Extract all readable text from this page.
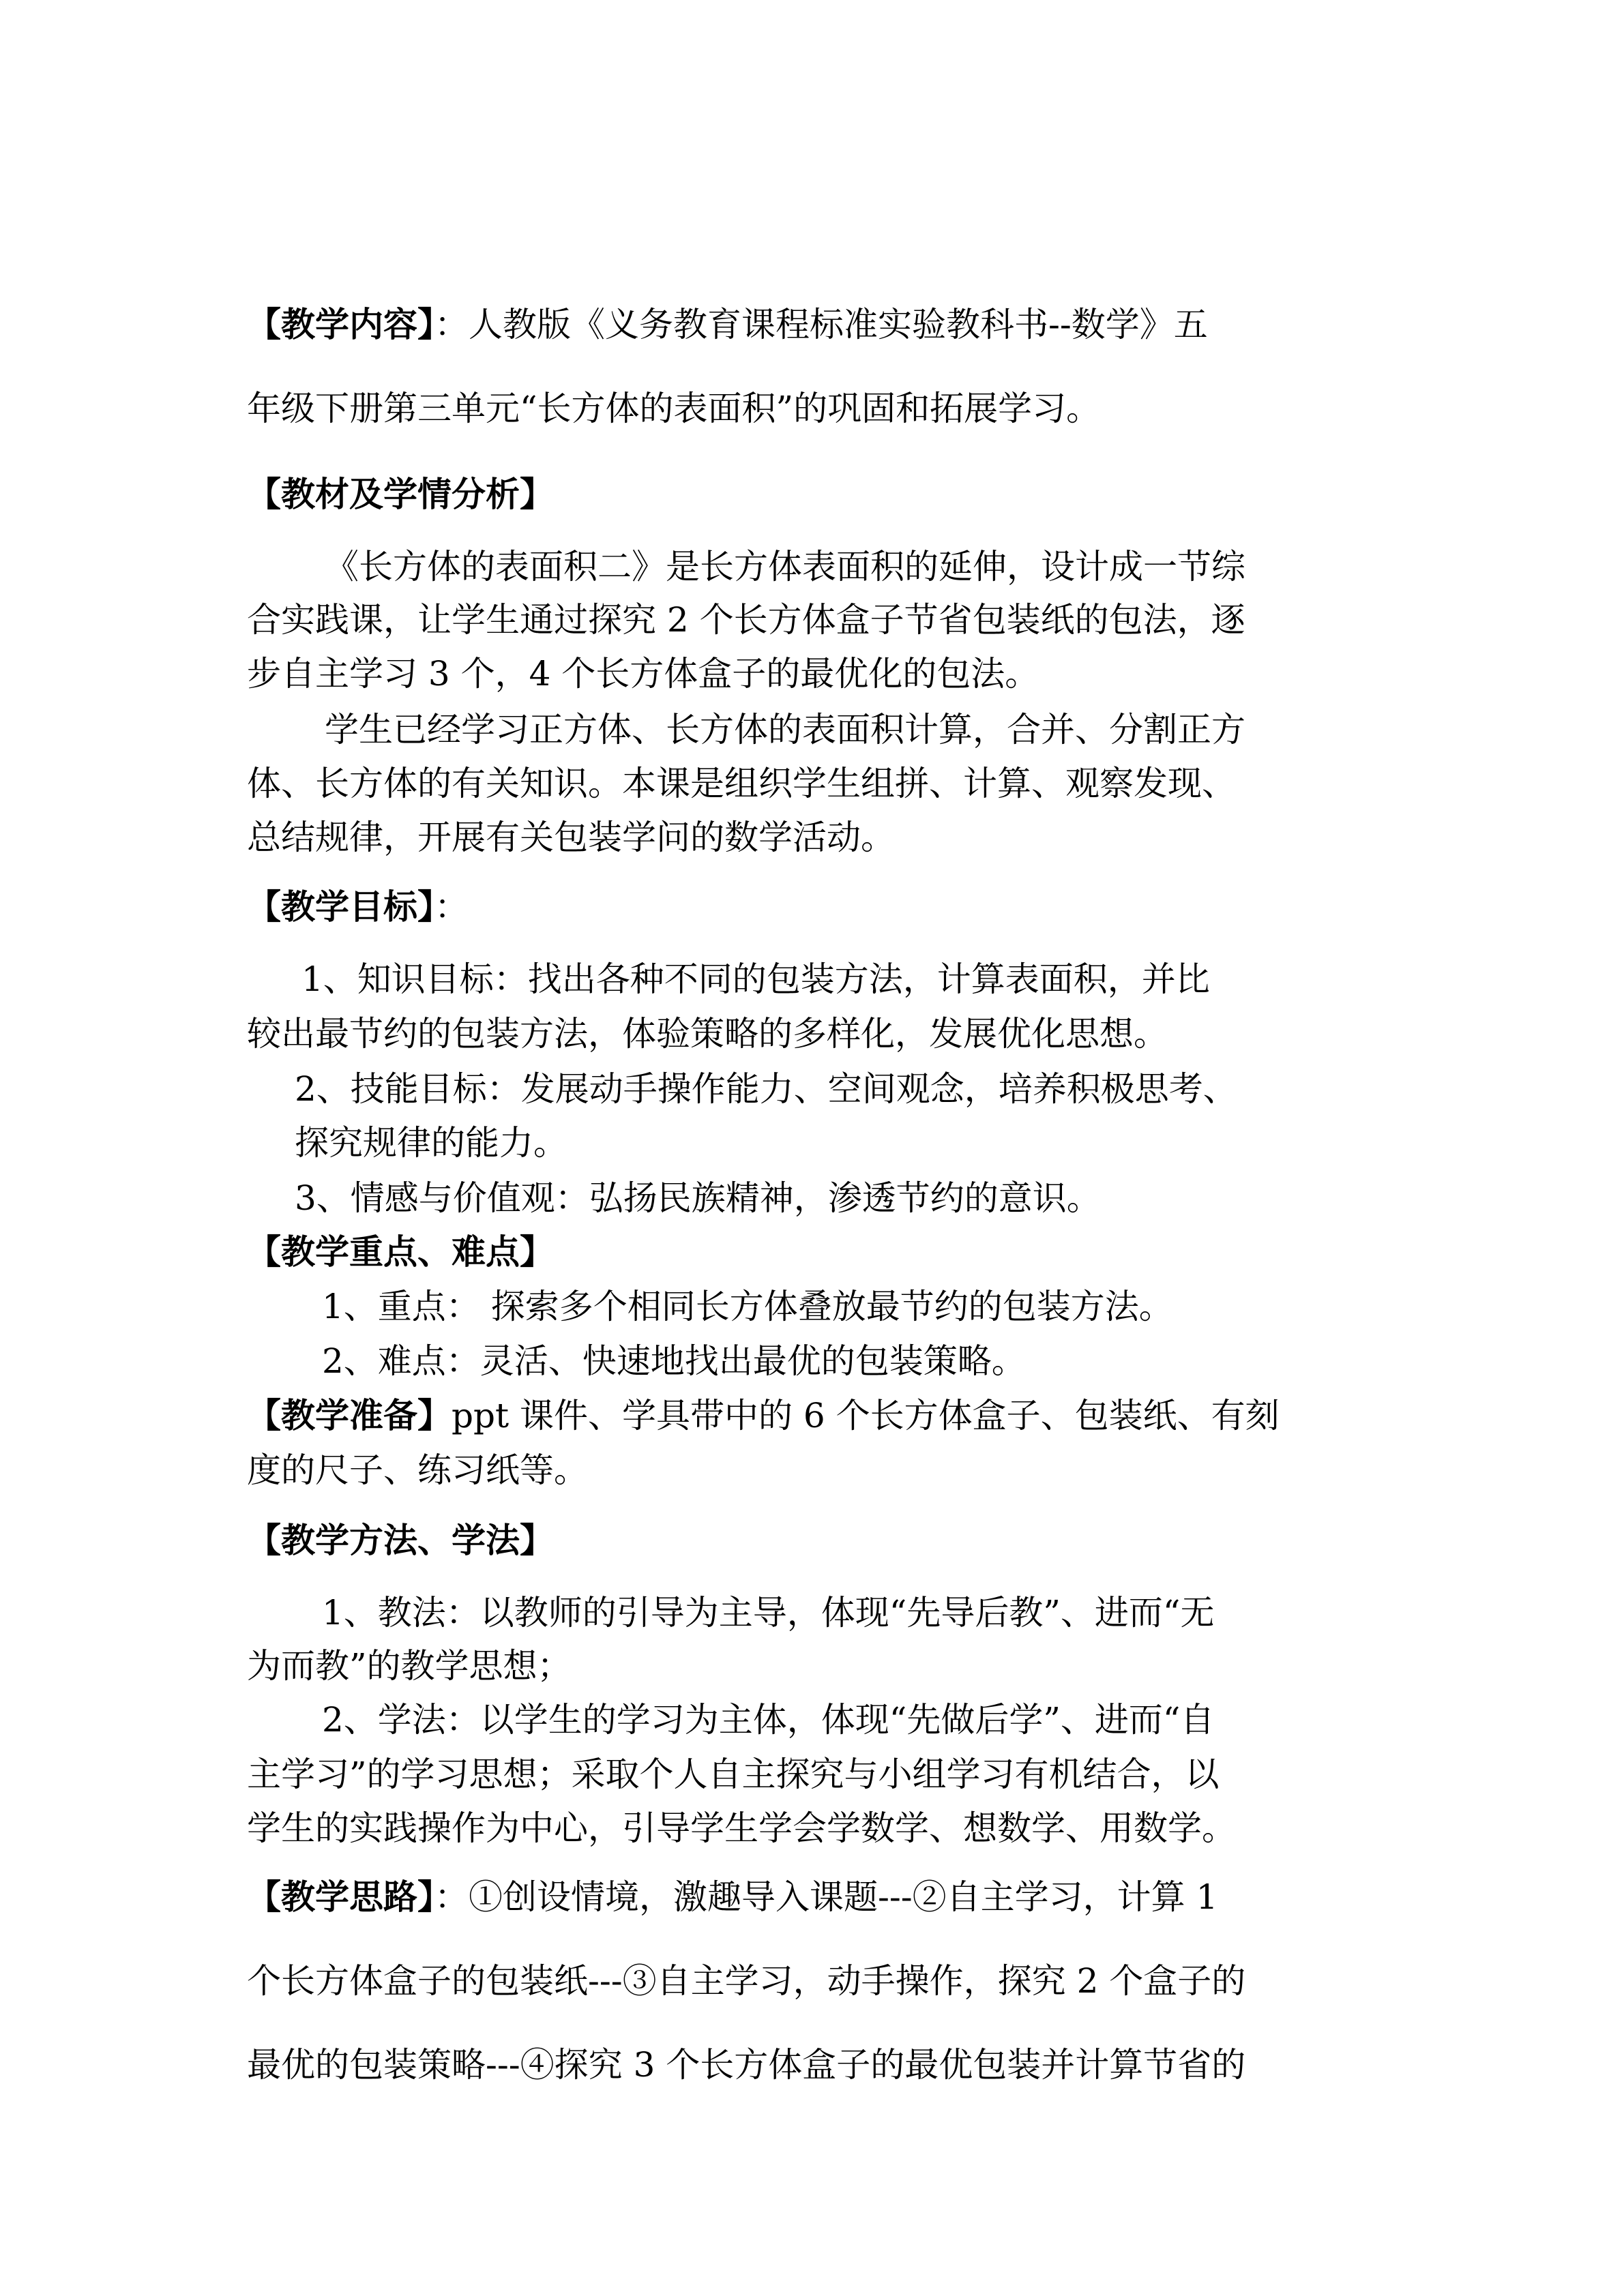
【教学内容】：人教版《义务教育课程标准实验教科书--数学》五
年级下册第三单元“长方体的表面积”的巩固和拓展学习。
【教材及学情分析】
《长方体的表面积二》是长方体表面积的延伸，设计成一节综
合实践课，让学生通过探究 2 个长方体盒子节省包装纸的包法，逐
步自主学习 3 个，4 个长方体盒子的最优化的包法。
学生已经学习正方体、长方体的表面积计算，合并、分割正方
体、长方体的有关知识。本课是组织学生组拼、计算、观察发现、
总结规律，开展有关包装学问的数学活动。
【教学目标】：
1、知识目标：找出各种不同的包装方法，计算表面积，并比
较出最节约的包装方法，体验策略的多样化，发展优化思想。
2、技能目标：发展动手操作能力、空间观念，培养积极思考、
探究规律的能力。
3、情感与价值观：弘扬民族精神，渗透节约的意识。
【教学重点、难点】
1、重点： 探索多个相同长方体叠放最节约的包装方法。
2、难点：灵活、快速地找出最优的包装策略。
【教学准备】ppt 课件、学具带中的 6 个长方体盒子、包装纸、有刻
度的尺子、练习纸等。
【教学方法、学法】
1、教法：以教师的引导为主导，体现“先导后教”、进而“无
为而教”的教学思想；
2、学法：以学生的学习为主体，体现“先做后学”、进而“自
主学习”的学习思想；采取个人自主探究与小组学习有机结合，以
学生的实践操作为中心，引导学生学会学数学、想数学、用数学。
【教学思路】：①创设情境，激趣导入课题---②自主学习，计算 1
个长方体盒子的包装纸---③自主学习，动手操作，探究 2 个盒子的
最优的包装策略---④探究 3 个长方体盒子的最优包装并计算节省的
